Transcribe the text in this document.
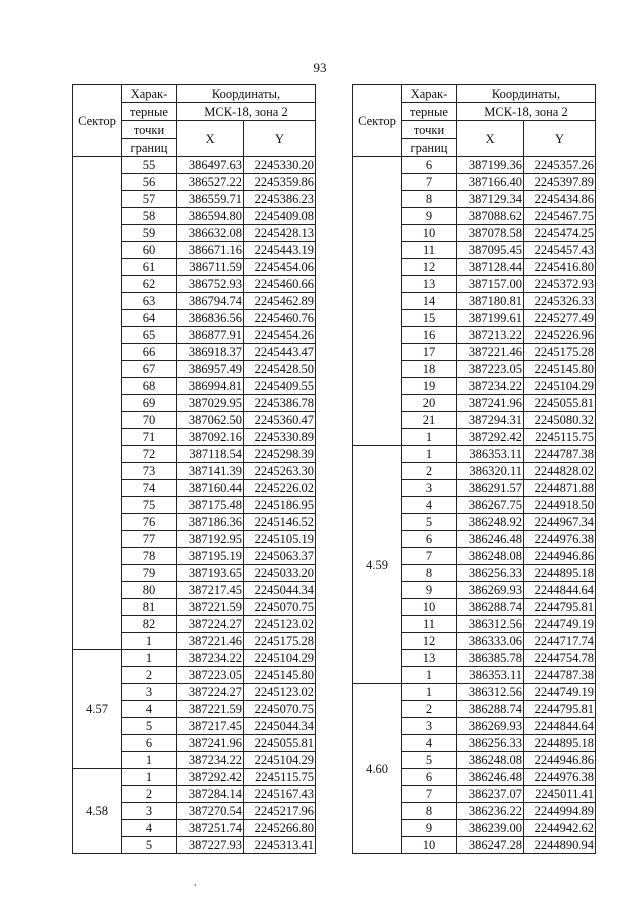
93
Сектор	Харак-	Координаты,	
	терные	МСК-18, зона 2	
	точки	X	Y
	границ		
	55	386497.63	2245330.20
	56	386527.22	2245359.86
	57	386559.71	2245386.23
	58	386594.80	2245409.08
	59	386632.08	2245428.13
	60	386671.16	2245443.19
	61	386711.59	2245454.06
	62	386752.93	2245460.66
	63	386794.74	2245462.89
	64	386836.56	2245460.76
	65	386877.91	2245454.26
	66	386918.37	2245443.47
	67	386957.49	2245428.50
	68	386994.81	2245409.55
	69	387029.95	2245386.78
	70	387062.50	2245360.47
	71	387092.16	2245330.89
	72	387118.54	2245298.39
	73	387141.39	2245263.30
	74	387160.44	2245226.02
	75	387175.48	2245186.95
	76	387186.36	2245146.52
	77	387192.95	2245105.19
	78	387195.19	2245063.37
	79	387193.65	2245033.20
	80	387217.45	2245044.34
	81	387221.59	2245070.75
	82	387224.27	2245123.02
	1	387221.46	2245175.28
4.57	1	387234.22	2245104.29
	2	387223.05	2245145.80
	3	387224.27	2245123.02
	4	387221.59	2245070.75
	5	387217.45	2245044.34
	6	387241.96	2245055.81
	1	387234.22	2245104.29
4.58	1	387292.42	2245115.75
	2	387284.14	2245167.43
	3	387270.54	2245217.96
	4	387251.74	2245266.80
	5	387227.93	2245313.41
Сектор	Харак-	Координаты,	
	терные	МСК-18, зона 2	
	точки	X	Y
	границ		
	6	387199.36	2245357.26
	7	387166.40	2245397.89
	8	387129.34	2245434.86
	9	387088.62	2245467.75
	10	387078.58	2245474.25
	11	387095.45	2245457.43
	12	387128.44	2245416.80
	13	387157.00	2245372.93
	14	387180.81	2245326.33
	15	387199.61	2245277.49
	16	387213.22	2245226.96
	17	387221.46	2245175.28
	18	387223.05	2245145.80
	19	387234.22	2245104.29
	20	387241.96	2245055.81
	21	387294.31	2245080.32
	1	387292.42	2245115.75
4.59	1	386353.11	2244787.38
	2	386320.11	2244828.02
	3	386291.57	2244871.88
	4	386267.75	2244918.50
	5	386248.92	2244967.34
	6	386246.48	2244976.38
	7	386248.08	2244946.86
	8	386256.33	2244895.18
	9	386269.93	2244844.64
	10	386288.74	2244795.81
	11	386312.56	2244749.19
	12	386333.06	2244717.74
	13	386385.78	2244754.78
	1	386353.11	2244787.38
4.60	1	386312.56	2244749.19
	2	386288.74	2244795.81
	3	386269.93	2244844.64
	4	386256.33	2244895.18
	5	386248.08	2244946.86
	6	386246.48	2244976.38
	7	386237.07	2245011.41
	8	386236.22	2244994.89
	9	386239.00	2244942.62
	10	386247.28	2244890.94
,
